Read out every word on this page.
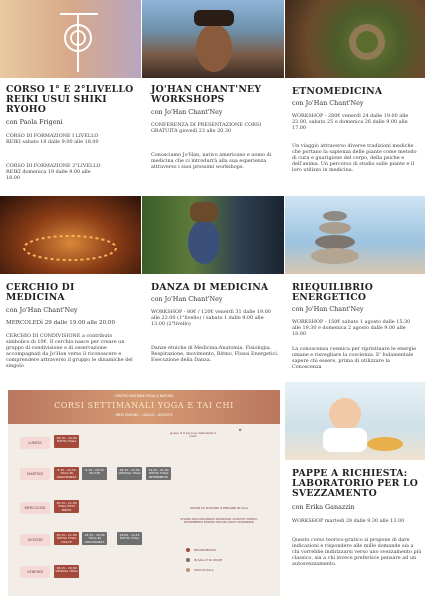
CORSO 1° E 2°LIVELLO REIKI USUI SHIKI RYOHO
con Paola Frigeni
CORSO DI FORMAZIONE I LIVELLO REIKI sabato 18 dalle 9.00 alle 18.00
CORSO DI FORMAZIONE 2°LIVELLO REIKI domenica 19 dalle 9.00 alle 18.00
JO'HAN CHANT'NEY WORKSHOPS
con Jo'Han Chant'Ney
CONFERENZA DI PRESENTAZIONE CORSI GRATUITA giovedì 23 alle 20.30
Conosciamo Jo'Han, nativo americano e uomo di medicina che ci introdurrà alla sua esperienza attraverso i suoi prossimi workshops.
ETNOMEDICINA
con Jo'Han Chant'Ney
WORKSHOP - 280€ venerdì 24 dalle 19.00 alle 23.00, sabato 25 e domenica 26 dalle 9.00 alle 17.00
Un viaggio attraverso diverse tradizioni mediche che portano la sapienza delle piante come metodo di cura e guarigione del corpo, della psiche e dell'anima. Un percorso di studio sulle piante e il loro utilizzo in medicina.
CERCHIO DI MEDICINA
con Jo'Han Chant'Ney
MERCOLEDì 29 dalle 19.00 alle 20.00
CERCHIO DI CONDIVISIONE a contributo simbolico di 10€. Il cerchio nasce per creare un gruppo di condivisione e di osservazione accompagnati da Jo'Han verso il riconoscere e comprendere attraverso il gruppo le dinamiche del singolo
DANZA DI MEDICINA
con Jo'Han Chant'Ney
WORKSHOP - 80€ / 120€ venerdì 31 dalle 19.00 alle 23.00 (1°livello) / sabato 1 dalle 9.00 alle 13.00 (2°livello)
Danze etniche di Medicina:Anatomia, Fisiologia, Respirazione, movimento, Ritmo, Flussi Energetici. Esecuzione della Danza.
RIEQUILIBRIO ENERGETICO
con Jo'Han Chant'Ney
WORKSHOP - 150€ sabato 1 agosto dalle 15.30 alle 19.30 e domenica 2 agosto dalle 9.00 alle 18.00
La conoscenza cosmica per ripristinare le energie umane e risvegliare la coscienza. E' fodamentale sapere chi essere, prima di utilizzare la Conoscenza
CENTRO MATRIKA YOGA & NATURA
CORSI SETTIMANALI YOGA E TAI CHI
MESI GIUGNO - LUGLIO - AGOSTO
LUNEDì
MARTEDì
MERCOLEDì
GIOVEDì
VENERDì
18.15 - 19.30
HATHA YOGA
9.15 - 10.30
YOGA IN GRAVIDANZA
9.15 - 10.30
TAI CHI
18.15 - 19.30
VINYASA YOGA
19.45 - 21.00
HATHA YOGA INTERMEDIO
10.15 - 11.30
YOGA POST PARTO
10.15 - 11.30
HATHA YOGA DOLCE
18.15 - 19.30
YOGA IN GRAVIDANZA
18.00 - 19.15
HATHA YOGA
18.15 - 19.30
VINYASA YOGA
✿
gruppi di 6 persone distanziate 2 metri
GRUPPI DA MASSIMO 8 PERSONE IN SALA
STIAMO RACCOGLIENDO ISCRIZIONI. ISCRIVITI SUBITO! POTREBBERO ESSERE ANCORA POSTI DISPONIBILI
PROGRAMMATO
IN SALA E SU ZOOM
SOLO IN SALA
PAPPE A RICHIESTA: LABORATORIO PER LO SVEZZAMENTO
con Erika Ganazzin
WORKSHOP martedì 28 dalle 9.30 alle 13.00
Questo corso teorico-pratico si propone di dare indicazioni e rispondere alle mille domande sia a chi vorrebbe indirizzarsi verso uno svezzamento più classico, sia a chi invece preferisce pensare ad un autosvezzamento.
